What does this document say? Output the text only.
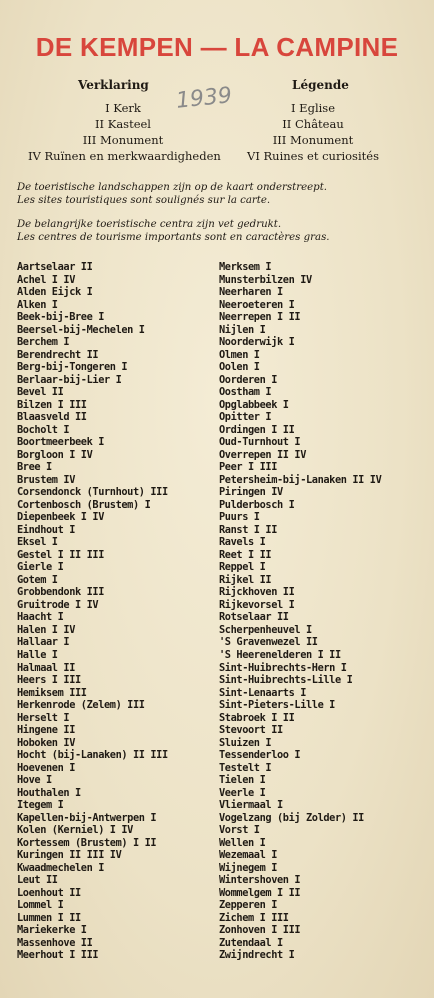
DE KEMPEN — LA CAMPINE
Verklaring	Légende
1939
I Kerk
II Kasteel
III Monument
IV Ruïnen en merkwaardigheden
I Eglise
II Château
III Monument
VI Ruines et curiosités
De toeristische landschappen zijn op de kaart onderstreept.
Les sites touristiques sont soulignés sur la carte.
De belangrijke toeristische centra zijn vet gedrukt.
Les centres de tourisme importants sont en caractères gras.
Aartselaar II
Achel I IV
Alden Eijck I
Alken I
Beek-bij-Bree I
Beersel-bij-Mechelen I
Berchem I
Berendrecht II
Berg-bij-Tongeren I
Berlaar-bij-Lier I
Bevel II
Bilzen I III
Blaasveld II
Bocholt I
Boortmeerbeek I
Borgloon I IV
Bree I
Brustem IV
Corsendonck (Turnhout) III
Cortenbosch (Brustem) I
Diepenbeek I IV
Eindhout I
Eksel I
Gestel I II III
Gierle I
Gotem I
Grobbendonk III
Gruitrode I IV
Haacht I
Halen I IV
Hallaar I
Halle I
Halmaal II
Heers I III
Hemiksem III
Herkenrode (Zelem) III
Herselt I
Hingene II
Hoboken IV
Hocht (bij-Lanaken) II III
Hoevenen I
Hove I
Houthalen I
Itegem I
Kapellen-bij-Antwerpen I
Kolen (Kerniel) I IV
Kortessem (Brustem) I II
Kuringen II III IV
Kwaadmechelen I
Leut II
Loenhout II
Lommel I
Lummen I II
Mariekerke I
Massenhove II
Meerhout I III
Merksem I
Munsterbilzen IV
Neerharen I
Neeroeteren I
Neerrepen I II
Nijlen I
Noorderwijk I
Olmen I
Oolen I
Oorderen I
Oostham I
Opglabbeek I
Opitter I
Ordingen I II
Oud-Turnhout I
Overrepen II IV
Peer I III
Petersheim-bij-Lanaken II IV
Piringen IV
Pulderbosch I
Puurs I
Ranst I II
Ravels I
Reet I II
Reppel I
Rijkel II
Rijckhoven II
Rijkevorsel I
Rotselaar II
Scherpenheuvel I
'S Gravenwezel II
'S Heerenelderen I II
Sint-Huibrechts-Hern I
Sint-Huibrechts-Lille I
Sint-Lenaarts I
Sint-Pieters-Lille I
Stabroek I II
Stevoort II
Sluizen I
Tessenderloo I
Testelt I
Tielen I
Veerle I
Vliermaal I
Vogelzang (bij Zolder) II
Vorst I
Wellen I
Wezemaal I
Wijnegem I
Wintershoven I
Wommelgem I II
Zepperen I
Zichem I III
Zonhoven I III
Zutendaal I
Zwijndrecht I
